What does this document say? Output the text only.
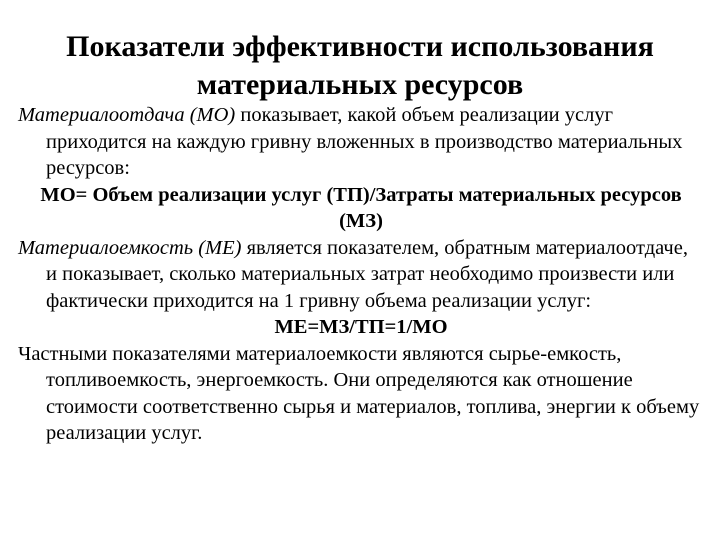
Показатели эффективности использования
материальных ресурсов

Материалоотдача (МО) показывает, какой объем реализации услуг приходится на каждую гривну вложенных в производство материальных ресурсов:

МО= Объем реализации услуг (ТП)/Затраты материальных ресурсов (МЗ)

Материалоемкость (МЕ) является показателем, обратным материалоотдаче, и показывает, сколько материальных затрат необходимо произвести или фактически приходится на 1 гривну объема реализации услуг:

МЕ=МЗ/ТП=1/МО

Частными показателями материалоемкости являются сырье-емкость, топливоемкость, энергоемкость. Они определяются как отношение стоимости соответственно сырья и материалов, топлива, энергии к объему реализации услуг.
